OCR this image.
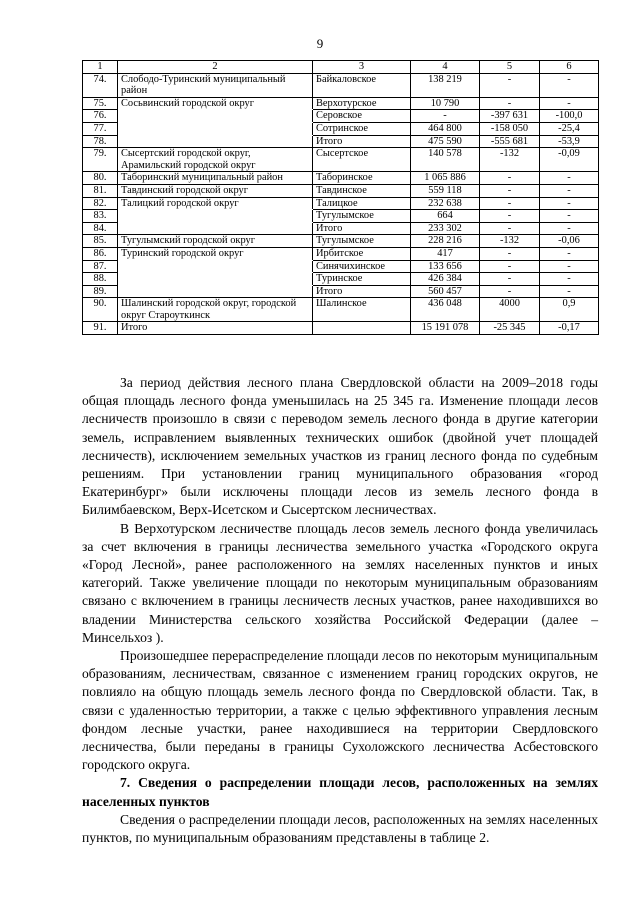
9
1	2	3	4	5	6
74.	Слободо-Туринский муниципальный район	Байкаловское	138 219	-	-
75.	Сосьвинский городской округ	Верхотурское	10 790	-	-
76.		Серовское	-	-397 631	-100,0
77.		Сотринское	464 800	-158 050	-25,4
78.		Итого	475 590	-555 681	-53,9
79.	Сысертский городской округ, Арамильский городской округ	Сысертское	140 578	-132	-0,09
80.	Таборинский муниципальный район	Таборинское	1 065 886	-	-
81.	Тавдинский городской округ	Тавдинское	559 118	-	-
82.	Талицкий городской округ	Талицкое	232 638	-	-
83.		Тугулымское	664	-	-
84.		Итого	233 302	-	-
85.	Тугулымский городской округ	Тугулымское	228 216	-132	-0,06
86.	Туринский городской округ	Ирбитское	417	-	-
87.		Синячихинское	133 656	-	-
88.		Туринское	426 384	-	-
89.		Итого	560 457	-	-
90.	Шалинский городской округ, городской округ Староуткинск	Шалинское	436 048	4000	0,9
91.	Итого		15 191 078	-25 345	-0,17

За период действия лесного плана Свердловской области на 2009–2018 годы общая площадь лесного фонда уменьшилась на 25 345 га. Изменение площади лесов лесничеств произошло в связи с переводом земель лесного фонда в другие категории земель, исправлением выявленных технических ошибок (двойной учет площадей лесничеств), исключением земельных участков из границ лесного фонда по судебным решениям. При установлении границ муниципального образования «город Екатеринбург» были исключены площади лесов из земель лесного фонда в Билимбаевском, Верх-Исетском и Сысертском лесничествах.

В Верхотурском лесничестве площадь лесов земель лесного фонда увеличилась за счет включения в границы лесничества земельного участка «Городского округа «Город Лесной», ранее расположенного на землях населенных пунктов и иных категорий. Также увеличение площади по некоторым муниципальным образованиям связано с включением в границы лесничеств лесных участков, ранее находившихся во владении Министерства сельского хозяйства Российской Федерации (далее – Минсельхоз ).

Произошедшее перераспределение площади лесов по некоторым муниципальным образованиям, лесничествам, связанное с изменением границ городских округов, не повлияло на общую площадь земель лесного фонда по Свердловской области. Так, в связи с удаленностью территории, а также с целью эффективного управления лесным фондом лесные участки, ранее находившиеся на территории Свердловского лесничества, были переданы в границы Сухоложского лесничества Асбестовского городского округа.

7. Сведения о распределении площади лесов, расположенных на землях населенных пунктов

Сведения о распределении площади лесов, расположенных на землях населенных пунктов, по муниципальным образованиям представлены в таблице 2.
